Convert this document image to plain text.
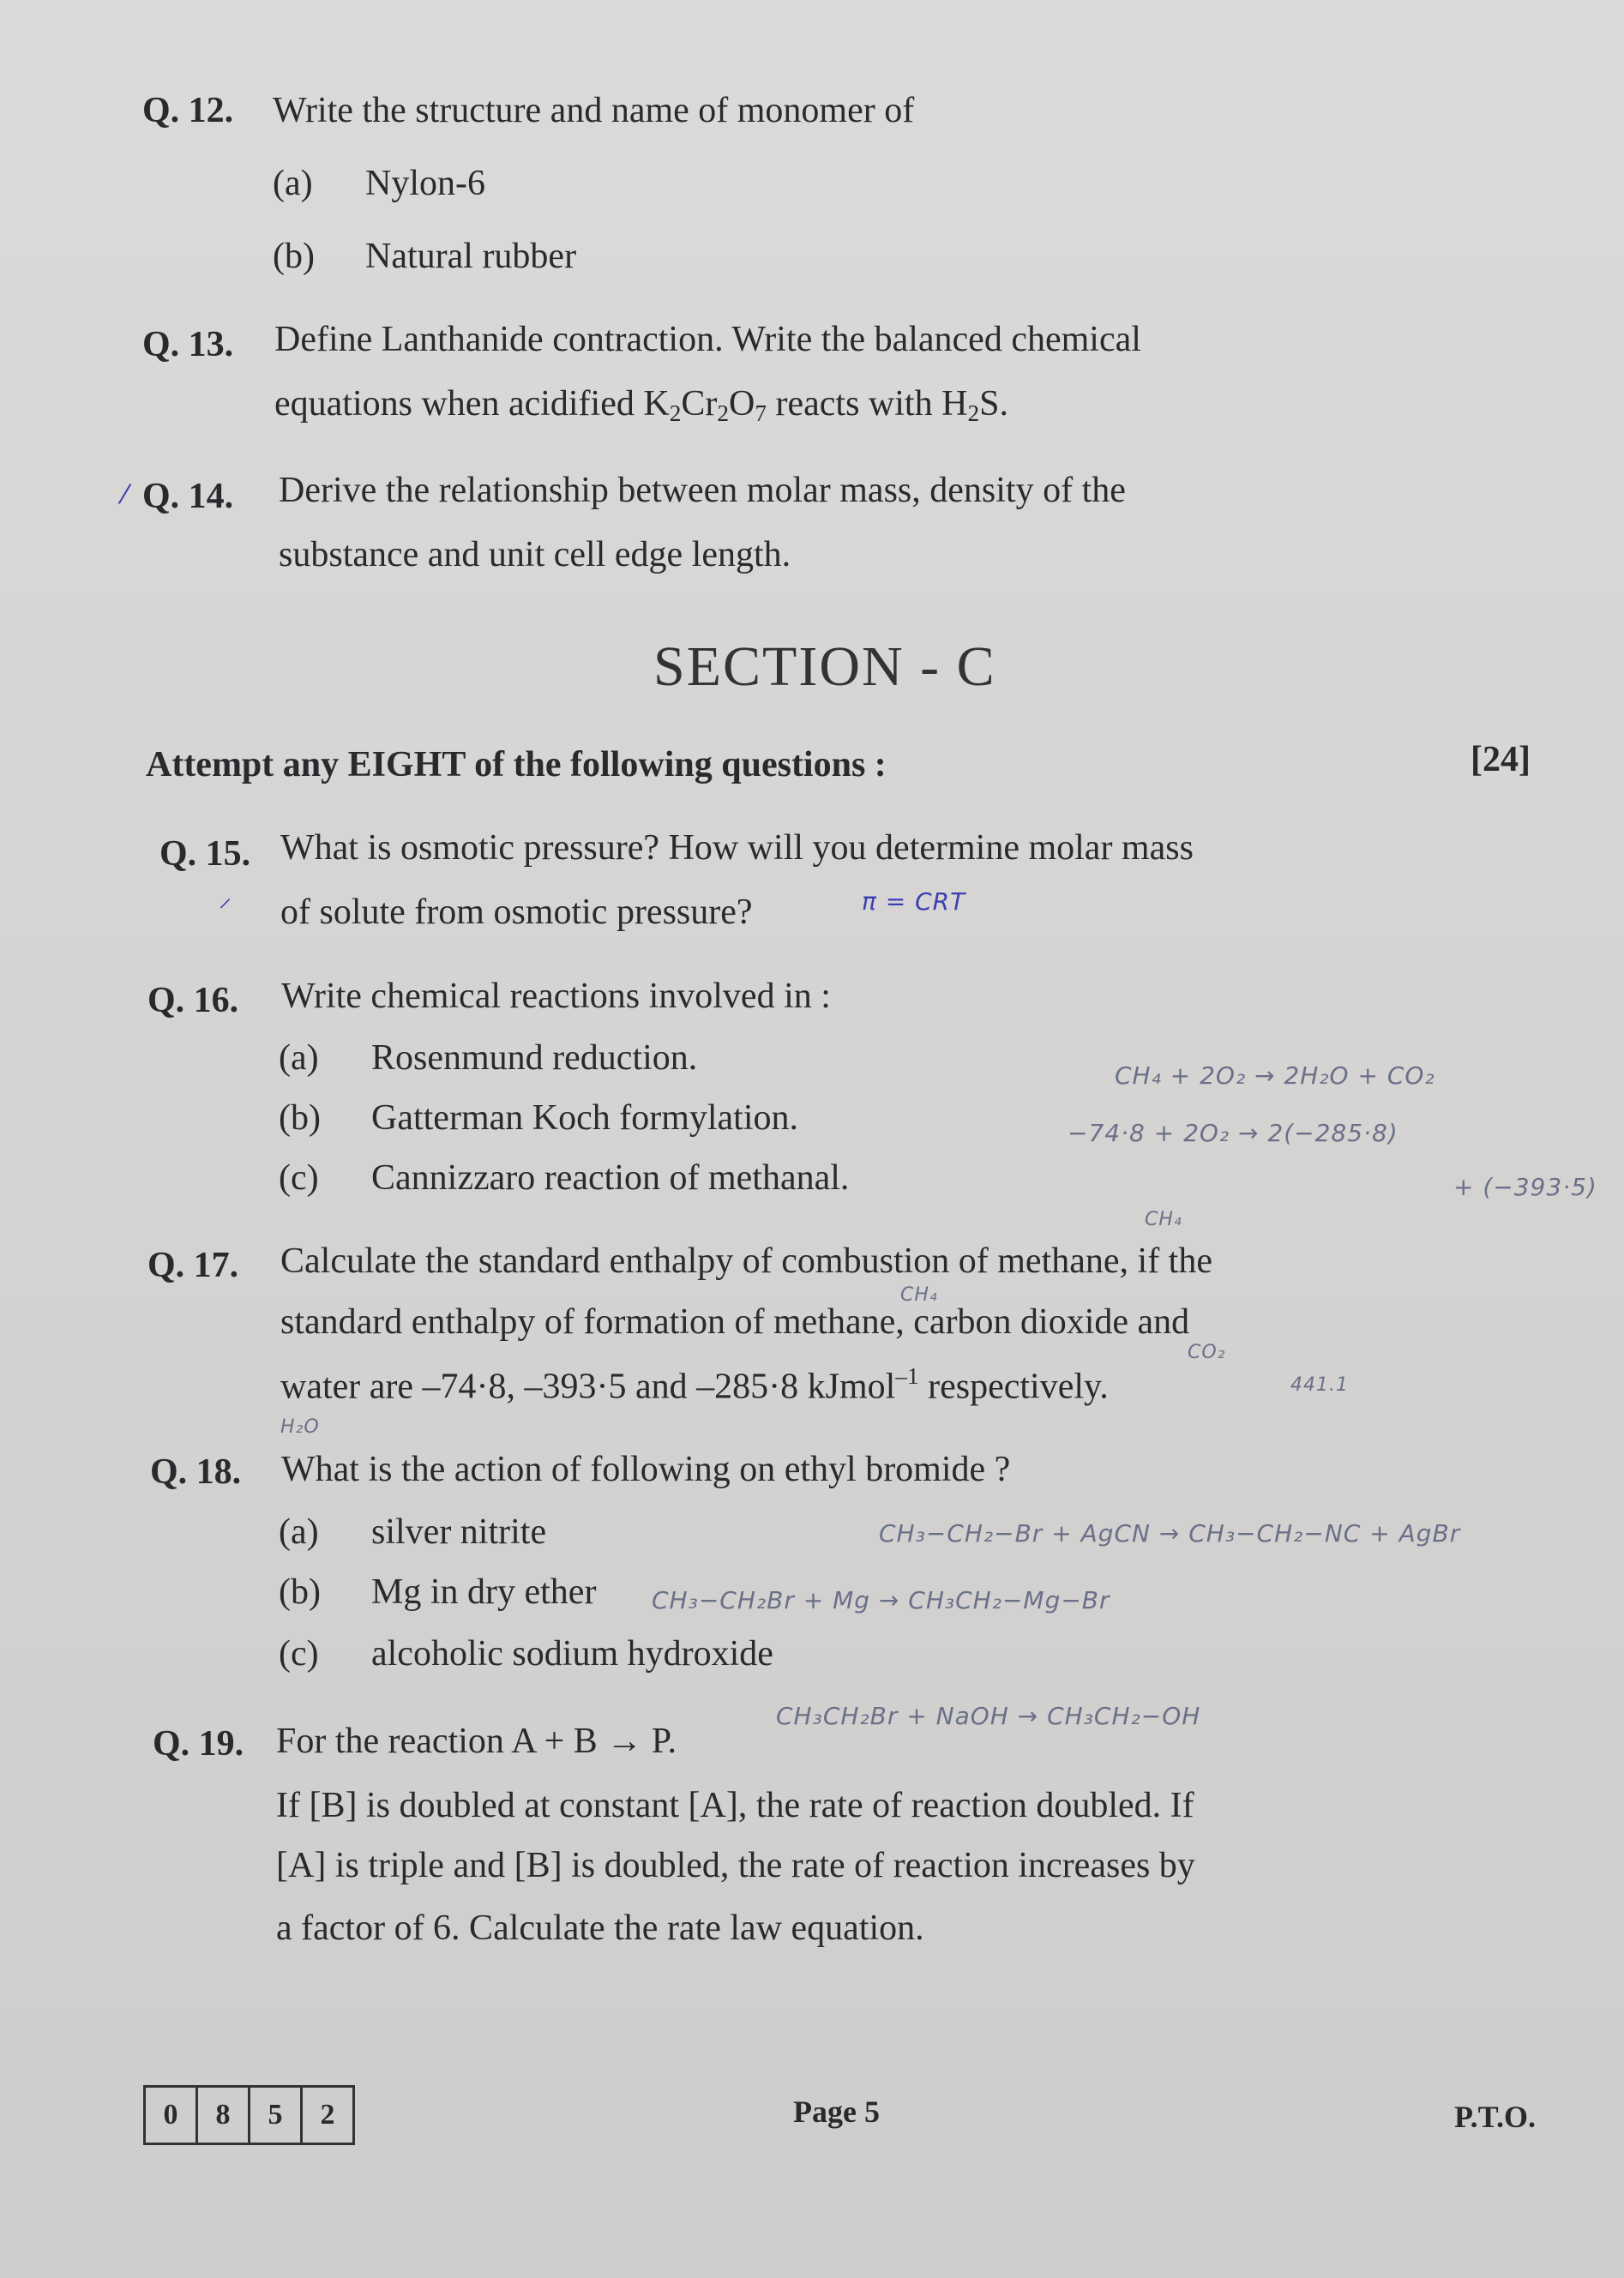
Q. 12. Write the structure and name of monomer of
(a) Nylon-6
(b) Natural rubber
Q. 13. Define Lanthanide contraction. Write the balanced chemical
equations when acidified $K_2Cr_2O_7$ reacts with $H_2S$.
Q. 14. Derive the relationship between molar mass, density of the
substance and unit cell edge length.
⁄
SECTION - C
Attempt any EIGHT of the following questions :	[24]
Q. 15. What is osmotic pressure? How will you determine molar mass
of solute from osmotic pressure?	π = CRT
⸝
Q. 16. Write chemical reactions involved in :
(a) Rosenmund reduction.
(b) Gatterman Koch formylation.
(c) Cannizzaro reaction of methanal.
CH₄ + 2O₂ → 2H₂O + CO₂
−74·8 + 2O₂ → 2(−285·8)
+ (−393·5)
Q. 17.
CH₄
Calculate the standard enthalpy of combustion of methane, if the
CH₄
standard enthalpy of formation of methane, carbon dioxide and
CO₂
water are –74·8, –393·5 and –285·8 kJmol$^{-1}$ respectively.	441.1
H₂O
Q. 18. What is the action of following on ethyl bromide ?
(a) silver nitrite
(b) Mg in dry ether
(c) alcoholic sodium hydroxide
CH₃−CH₂−Br + AgCN → CH₃−CH₂−NC + AgBr
CH₃−CH₂Br + Mg → CH₃CH₂−Mg−Br
CH₃CH₂Br + NaOH → CH₃CH₂−OH
Q. 19. For the reaction A + B → P.
If [B] is doubled at constant [A], the rate of reaction doubled. If
[A] is triple and [B] is doubled, the rate of reaction increases by
a factor of 6. Calculate the rate law equation.
0	8	5	2	Page 5	P.T.O.
